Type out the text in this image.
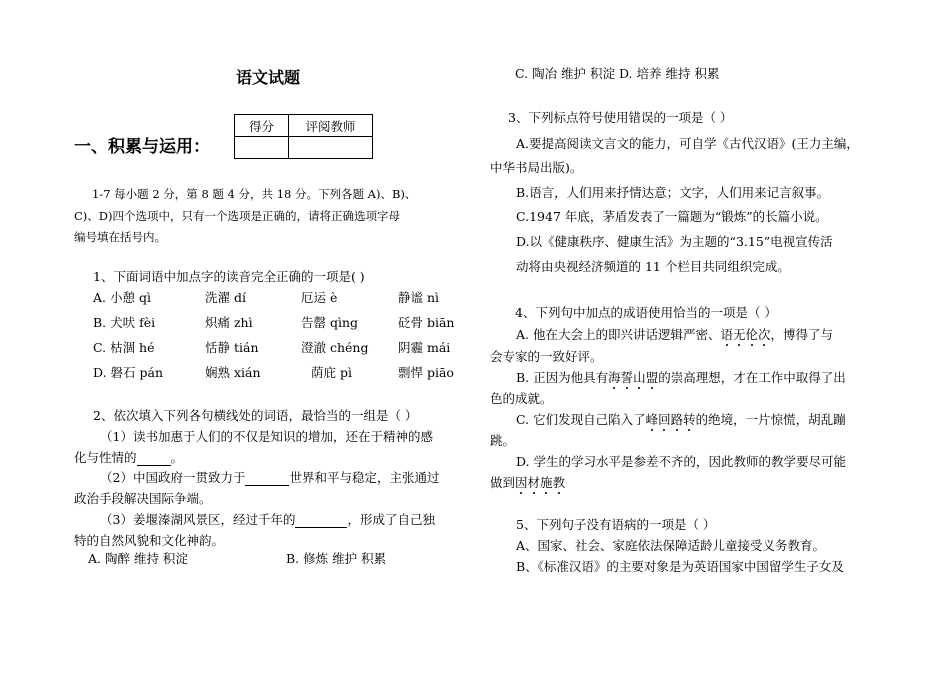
语文试题
得分	评阅教师

一、积累与运用：
1-7 每小题 2 分，第 8 题 4 分，共 18 分。下列各题 A)、B)、
C)、D)四个选项中，只有一个选项是正确的，请将正确选项字母
编号填在括号内。
1、下面词语中加点字的读音完全正确的一项是( )
A. 小憩 qì	洗濯 dí	厄运 è	静谧 nì
B. 犬吠 fèi	炽痛 zhì	告罄 qìng	砭骨 biān
C. 枯涸 hé	恬静 tián	澄澈 chéng 阴霾 mái
D. 磐石 pán	娴熟 xián	荫庇 pì	剽悍 piāo
2、依次填入下列各句横线处的词语，最恰当的一组是（ ）
（1）读书加惠于人们的不仅是知识的增加，还在于精神的感
化与性情的	。
（2）中国政府一贯致力于	世界和平与稳定，主张通过
政治手段解决国际争端。
（3）姜堰溱湖风景区，经过千年的	，形成了自己独
特的自然风貌和文化神韵。
A. 陶醉 维持 积淀	B. 修炼 维护 积累
C. 陶冶 维护 积淀 D. 培养 维持 积累
3、下列标点符号使用错误的一项是（ ）
A.要提高阅读文言文的能力，可自学《古代汉语》(王力主编，
中华书局出版)。
B.语言，人们用来抒情达意；文字，人们用来记言叙事。
C.1947 年底，茅盾发表了一篇题为“锻炼”的长篇小说。
D.以《健康秩序、健康生活》为主题的“3.15”电视宣传活
动将由央视经济频道的 11 个栏目共同组织完成。
4、下列句中加点的成语使用恰当的一项是（ ）
A. 他在大会上的即兴讲话逻辑严密、语无伦次，博得了与
会专家的一致好评。
B. 正因为他具有海誓山盟的崇高理想，才在工作中取得了出
色的成就。
C. 它们发现自己陷入了峰回路转的绝境，一片惊慌，胡乱蹦
跳。
D. 学生的学习水平是参差不齐的，因此教师的教学要尽可能
做到因材施教
5、下列句子没有语病的一项是（ ）
A、国家、社会、家庭依法保障适龄儿童接受义务教育。
B、《标准汉语》的主要对象是为英语国家中国留学生子女及
